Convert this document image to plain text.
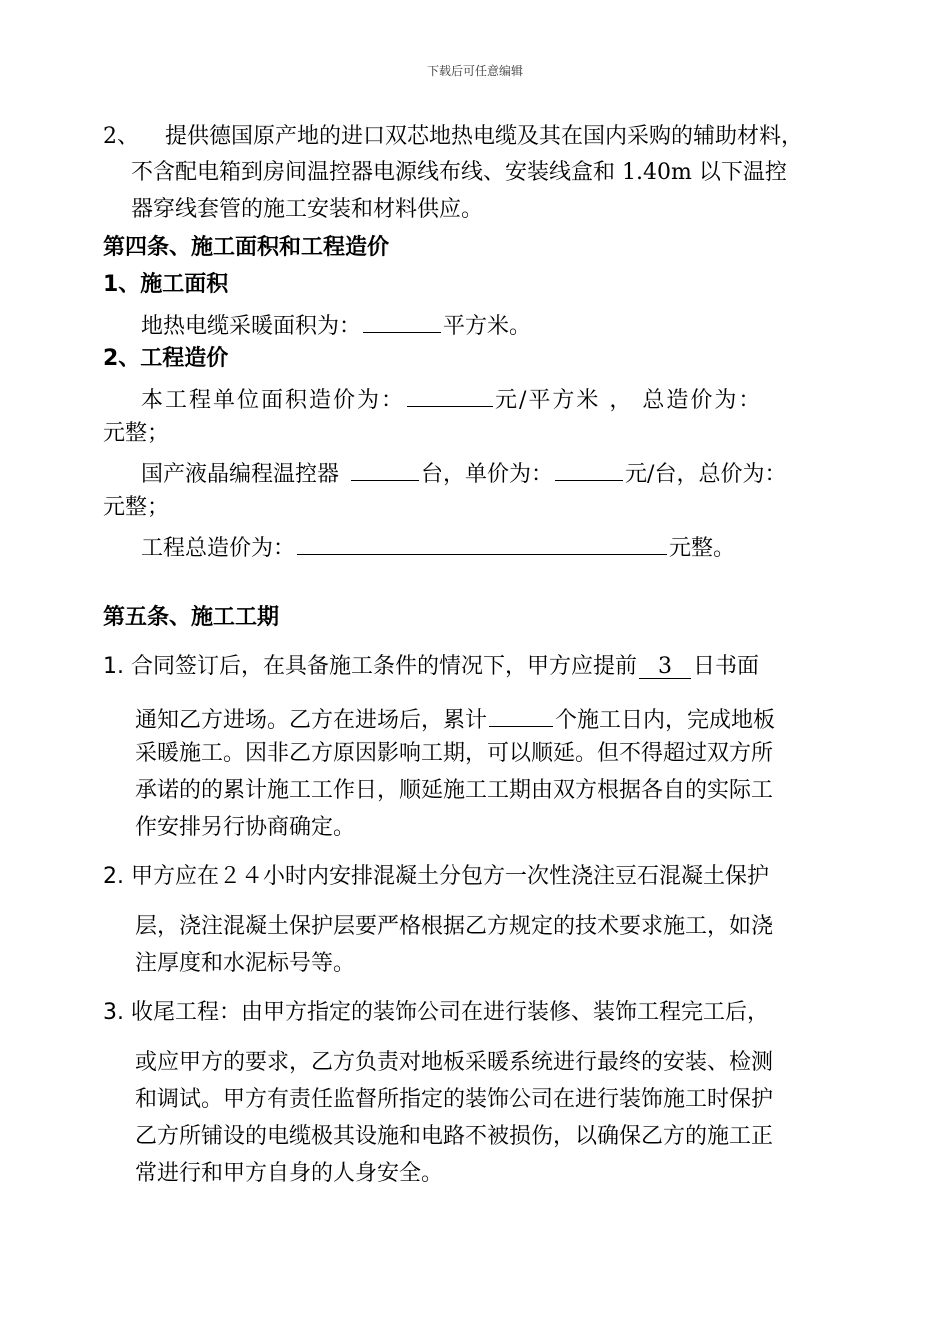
下载后可任意编辑
2、 提供德国原产地的进口双芯地热电缆及其在国内采购的辅助材料，
不含配电箱到房间温控器电源线布线、安装线盒和 1.40m 以下温控
器穿线套管的施工安装和材料供应。
第四条、施工面积和工程造价
1、施工面积
地热电缆采暖面积为：	平方米。
2、工程造价
本工程单位面积造价为：	元/平方米 ， 总造价为：
元整；
国产液晶编程温控器	台，单价为：	元/台，总价为：
元整；
工程总造价为：	元整。
第五条、施工工期
1. 合同签订后，在具备施工条件的情况下，甲方应提前 3 日书面
通知乙方进场。乙方在进场后，累计	个施工日内，完成地板
采暖施工。因非乙方原因影响工期，可以顺延。但不得超过双方所
承诺的的累计施工工作日，顺延施工工期由双方根据各自的实际工
作安排另行协商确定。
2. 甲方应在２４小时内安排混凝土分包方一次性浇注豆石混凝土保护
层，浇注混凝土保护层要严格根据乙方规定的技术要求施工，如浇
注厚度和水泥标号等。
3. 收尾工程：由甲方指定的装饰公司在进行装修、装饰工程完工后，
或应甲方的要求，乙方负责对地板采暖系统进行最终的安装、检测
和调试。甲方有责任监督所指定的装饰公司在进行装饰施工时保护
乙方所铺设的电缆极其设施和电路不被损伤，以确保乙方的施工正
常进行和甲方自身的人身安全。
